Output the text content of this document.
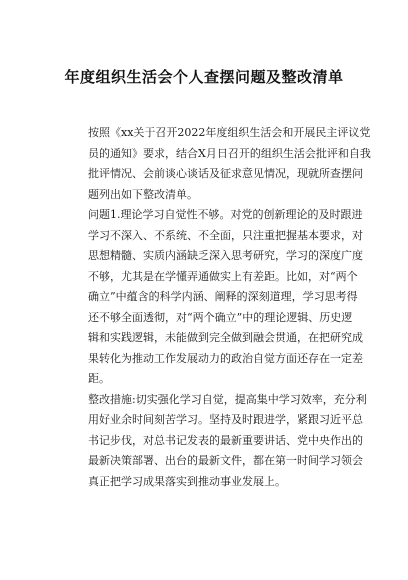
年度组织生活会个人查摆问题及整改清单
按照《xx关于召开2022年度组织生活会和开展民主评议党
员的通知》要求，结合X月日召开的组织生活会批评和自我
批评情况、会前谈心谈话及征求意见情况，现就所查摆问
题列出如下整改清单。
问题1.理论学习自觉性不够。对党的创新理论的及时跟进
学习不深入、不系统、不全面，只注重把握基本要求，对
思想精髓、实质内涵缺乏深入思考研究，学习的深度广度
不够，尤其是在学懂弄通做实上有差距。比如，对“两个
确立”中蕴含的科学内涵、阐释的深刻道理，学习思考得
还不够全面透彻，对“两个确立”中的理论逻辑、历史逻
辑和实践逻辑，未能做到完全做到融会贯通，在把研究成
果转化为推动工作发展动力的政治自觉方面还存在一定差
距。
整改措施:切实强化学习自觉，提高集中学习效率，充分利
用好业余时间刻苦学习。坚持及时跟进学，紧跟习近平总
书记步伐，对总书记发表的最新重要讲话、党中央作出的
最新决策部署、出台的最新文件，都在第一时间学习领会
真正把学习成果落实到推动事业发展上。
